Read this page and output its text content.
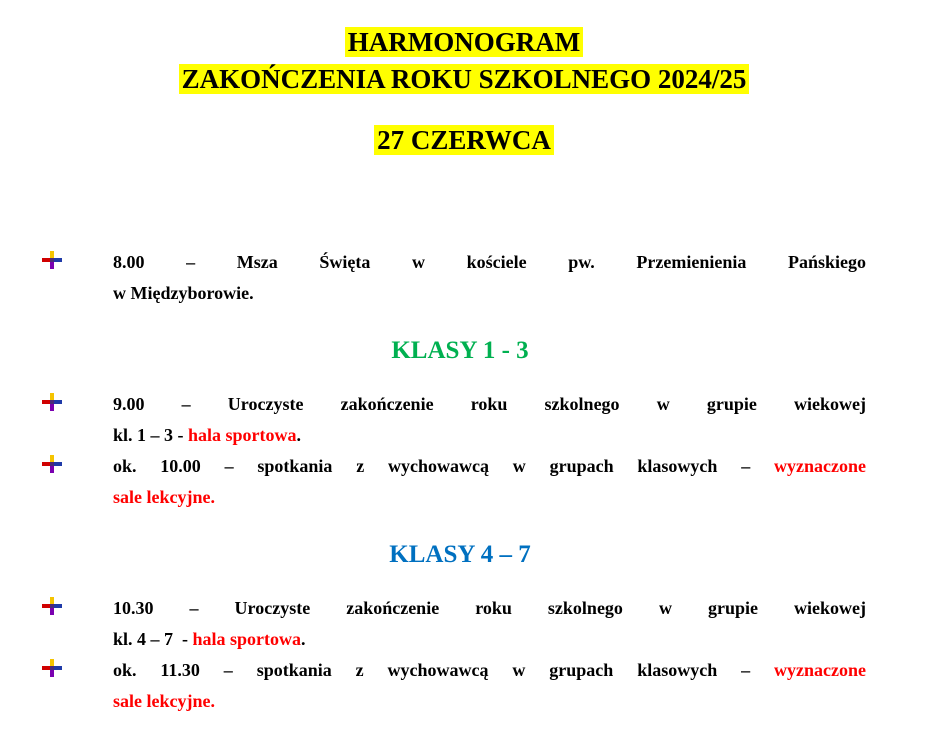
HARMONOGRAM
ZAKOŃCZENIA ROKU SZKOLNEGO 2024/25
27 CZERWCA
8.00 – Msza Święta w kościele pw. Przemienienia Pańskiego
w Międzyborowie.
KLASY 1 - 3
9.00 – Uroczyste zakończenie roku szkolnego w grupie wiekowej
kl. 1 – 3 - hala sportowa.
ok. 10.00 – spotkania z wychowawcą w grupach klasowych – wyznaczone
sale lekcyjne.
KLASY 4 – 7
10.30 – Uroczyste zakończenie roku szkolnego w grupie wiekowej
kl. 4 – 7  - hala sportowa.
ok. 11.30 – spotkania z wychowawcą w grupach klasowych – wyznaczone
sale lekcyjne.
